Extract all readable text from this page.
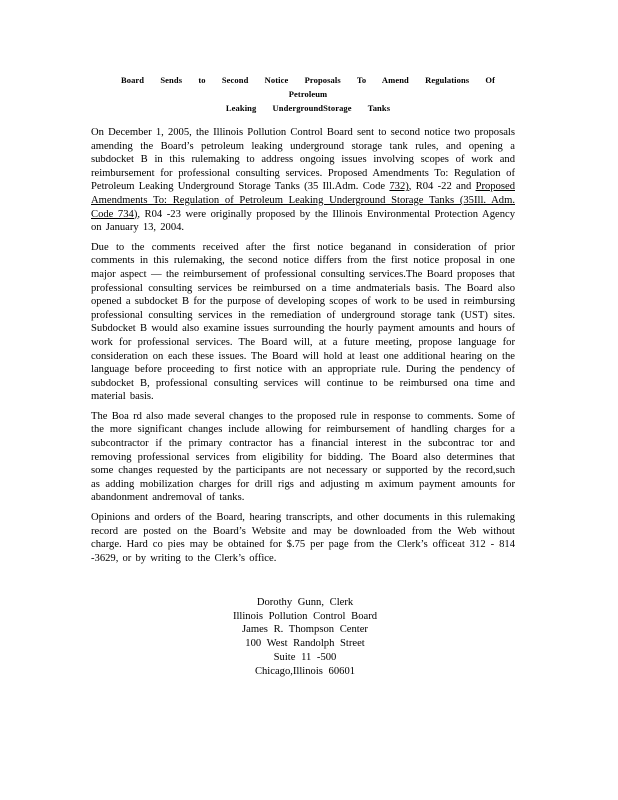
Board Sends to Second Notice Proposals To Amend Regulations Of Petroleum
Leaking UndergroundStorage Tanks

On December 1, 2005, the Illinois Pollution Control Board sent to second notice two proposals amending the Board’s petroleum leaking underground storage tank rules, and opening a subdocket B in this rulemaking to address ongoing issues involving scopes of work and reimbursement for professional consulting services. Proposed Amendments To: Regulation of Petroleum Leaking Underground Storage Tanks (35 Ill.Adm. Code 732), R04 -22 and Proposed Amendments To: Regulation of Petroleum Leaking Underground Storage Tanks (35Ill. Adm. Code 734), R04 -23 were originally proposed by the Illinois Environmental Protection Agency on January 13, 2004.

Due to the comments received after the first notice beganand in consideration of prior comments in this rulemaking, the second notice differs from the first notice proposal in one major aspect — the reimbursement of professional consulting services.The Board proposes that professional consulting services be reimbursed on a time andmaterials basis. The Board also opened a subdocket B for the purpose of developing scopes of work to be used in reimbursing professional consulting services in the remediation of underground storage tank (UST) sites. Subdocket B would also examine issues surrounding the hourly payment amounts and hours of work for professional services. The Board will, at a future meeting, propose language for consideration on each these issues. The Board will hold at least one additional hearing on the language before proceeding to first notice with an appropriate rule. During the pendency of subdocket B, professional consulting services will continue to be reimbursed ona time and material basis.

The Boa rd also made several changes to the proposed rule in response to comments. Some of the more significant changes include allowing for reimbursement of handling charges for a subcontractor if the primary contractor has a financial interest in the subcontrac tor and removing professional services from eligibility for bidding. The Board also determines that some changes requested by the participants are not necessary or supported by the record,such as adding mobilization charges for drill rigs and adjusting m aximum payment amounts for abandonment andremoval of tanks.

Opinions and orders of the Board, hearing transcripts, and other documents in this rulemaking record are posted on the Board’s Website and may be downloaded from the Web without charge. Hard co pies may be obtained for $.75 per page from the Clerk’s officeat 312 - 814 -3629, or by writing to the Clerk’s office.

Dorothy Gunn, Clerk
Illinois Pollution Control Board
James R. Thompson Center
100 West Randolph Street
Suite 11 -500
Chicago,Illinois 60601
